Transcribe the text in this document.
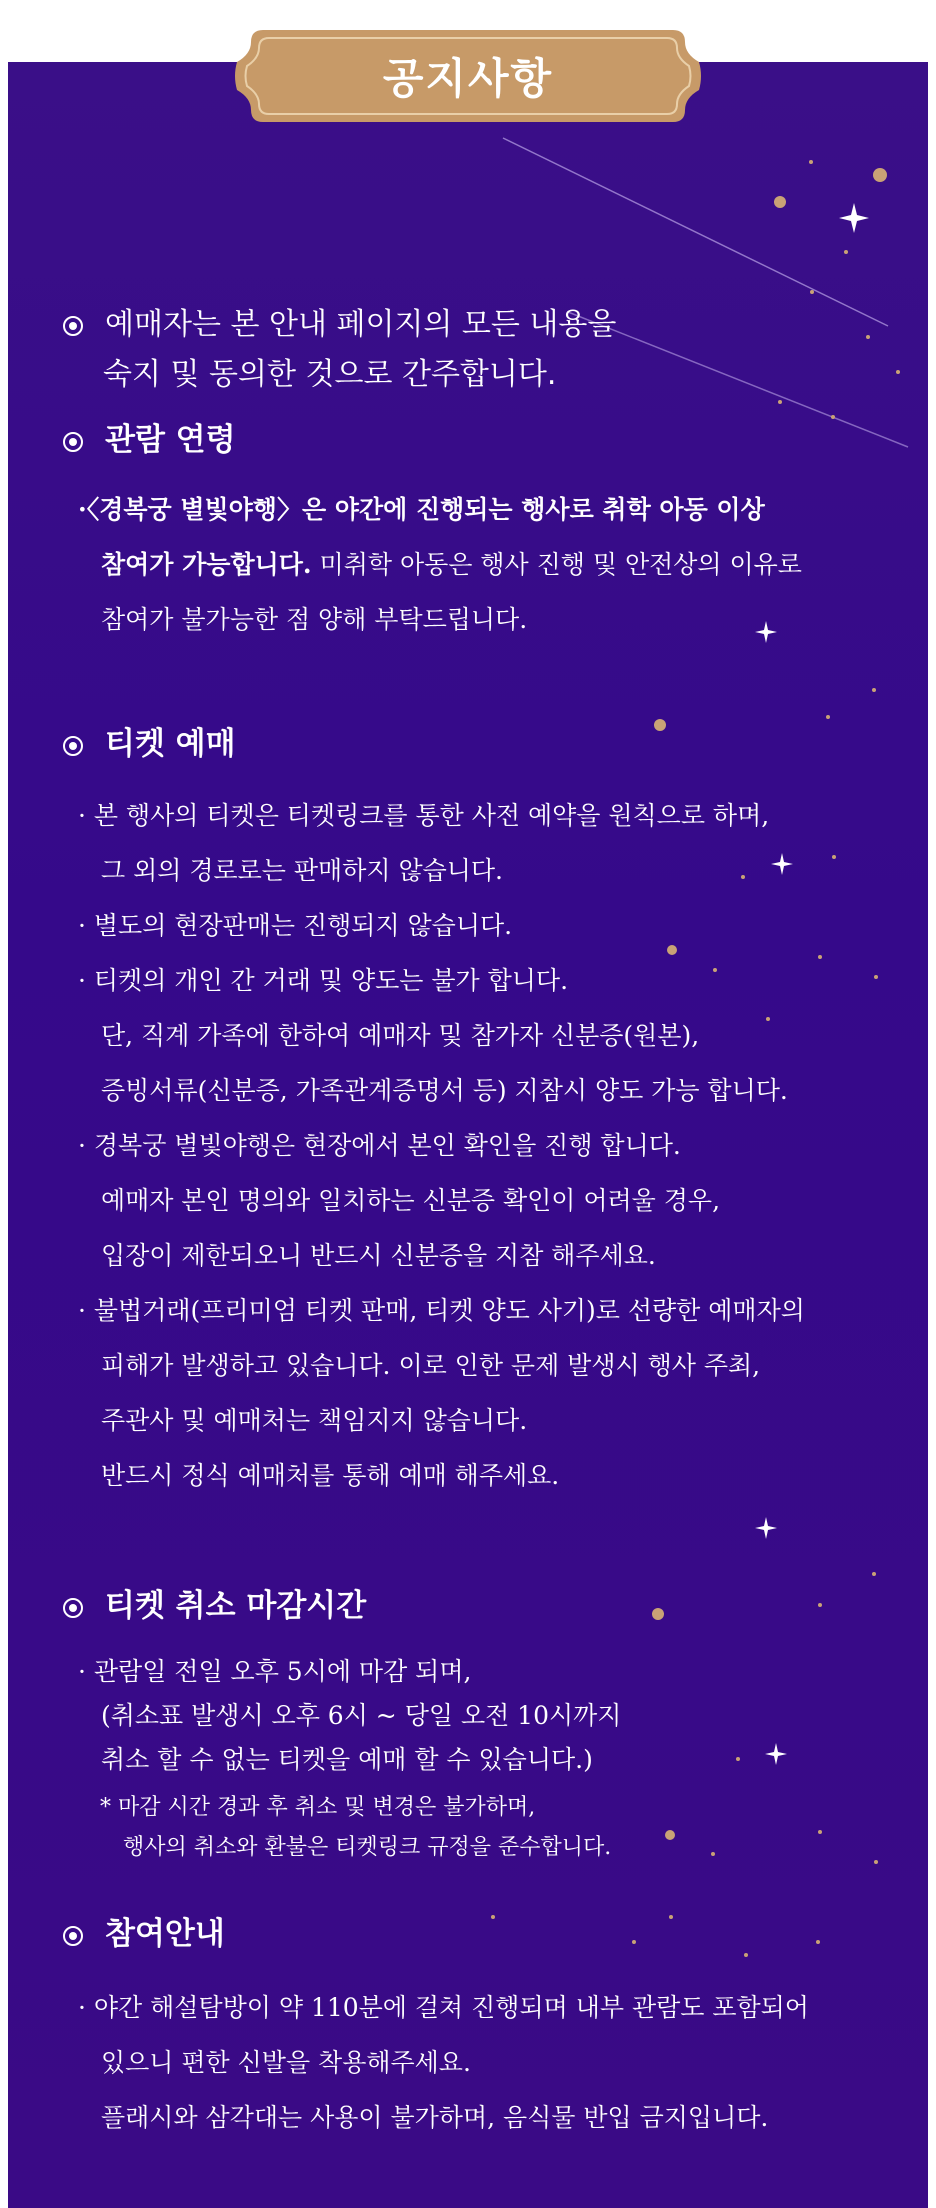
예매자는 본 안내 페이지의 모든 내용을
숙지 및 동의한 것으로 간주합니다.
관람 연령
·〈경복궁 별빛야행〉은 야간에 진행되는 행사로 취학 아동 이상
참여가 가능합니다. 미취학 아동은 행사 진행 및 안전상의 이유로
참여가 불가능한 점 양해 부탁드립니다.
티켓 예매
· 본 행사의 티켓은 티켓링크를 통한 사전 예약을 원칙으로 하며,
그 외의 경로로는 판매하지 않습니다.
· 별도의 현장판매는 진행되지 않습니다.
· 티켓의 개인 간 거래 및 양도는 불가 합니다.
단, 직계 가족에 한하여 예매자 및 참가자 신분증(원본),
증빙서류(신분증, 가족관계증명서 등) 지참시 양도 가능 합니다.
· 경복궁 별빛야행은 현장에서 본인 확인을 진행 합니다.
예매자 본인 명의와 일치하는 신분증 확인이 어려울 경우,
입장이 제한되오니 반드시 신분증을 지참 해주세요.
· 불법거래(프리미엄 티켓 판매, 티켓 양도 사기)로 선량한 예매자의
피해가 발생하고 있습니다. 이로 인한 문제 발생시 행사 주최,
주관사 및 예매처는 책임지지 않습니다.
반드시 정식 예매처를 통해 예매 해주세요.
티켓 취소 마감시간
· 관람일 전일 오후 5시에 마감 되며,
(취소표 발생시 오후 6시 ~ 당일 오전 10시까지
취소 할 수 없는 티켓을 예매 할 수 있습니다.)
* 마감 시간 경과 후 취소 및 변경은 불가하며,
행사의 취소와 환불은 티켓링크 규정을 준수합니다.
참여안내
· 야간 해설탐방이 약 110분에 걸쳐 진행되며 내부 관람도 포함되어
있으니 편한 신발을 착용해주세요.
플래시와 삼각대는 사용이 불가하며, 음식물 반입 금지입니다.
공지사항
